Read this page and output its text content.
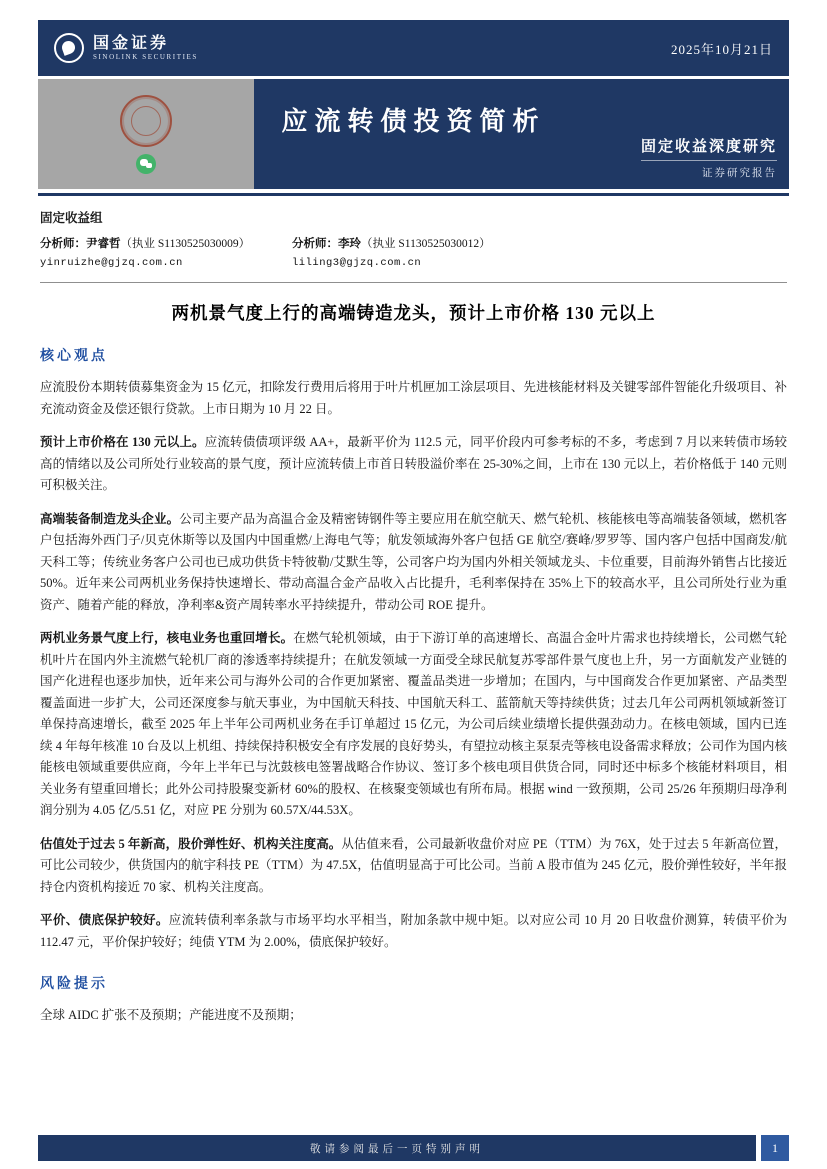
国金证券
SINOLINK SECURITIES
2025年10月21日
应流转债投资简析
固定收益深度研究
证券研究报告
固定收益组
分析师：尹睿哲（执业 S1130525030009）
yinruizhe@gjzq.com.cn
分析师：李玲（执业 S1130525030012）
liling3@gjzq.com.cn
两机景气度上行的高端铸造龙头，预计上市价格 130 元以上
核心观点

应流股份本期转债募集资金为 15 亿元，扣除发行费用后将用于叶片机匣加工涂层项目、先进核能材料及关键零部件智能化升级项目、补充流动资金及偿还银行贷款。上市日期为 10 月 22 日。

预计上市价格在 130 元以上。应流转债债项评级 AA+，最新平价为 112.5 元，同平价段内可参考标的不多，考虑到 7 月以来转债市场较高的情绪以及公司所处行业较高的景气度，预计应流转债上市首日转股溢价率在 25-30%之间，上市在 130 元以上，若价格低于 140 元则可积极关注。

高端装备制造龙头企业。公司主要产品为高温合金及精密铸钢件等主要应用在航空航天、燃气轮机、核能核电等高端装备领域，燃机客户包括海外西门子/贝克休斯等以及国内中国重燃/上海电气等；航发领域海外客户包括 GE 航空/赛峰/罗罗等、国内客户包括中国商发/航天科工等；传统业务客户公司也已成功供货卡特彼勒/艾默生等，公司客户均为国内外相关领域龙头、卡位重要，目前海外销售占比接近 50%。近年来公司两机业务保持快速增长、带动高温合金产品收入占比提升，毛利率保持在 35%上下的较高水平，且公司所处行业为重资产、随着产能的释放，净利率&资产周转率水平持续提升，带动公司 ROE 提升。

两机业务景气度上行，核电业务也重回增长。在燃气轮机领域，由于下游订单的高速增长、高温合金叶片需求也持续增长，公司燃气轮机叶片在国内外主流燃气轮机厂商的渗透率持续提升；在航发领域一方面受全球民航复苏零部件景气度也上升，另一方面航发产业链的国产化进程也逐步加快，近年来公司与海外公司的合作更加紧密、覆盖品类进一步增加；在国内，与中国商发合作更加紧密、产品类型覆盖面进一步扩大，公司还深度参与航天事业，为中国航天科技、中国航天科工、蓝箭航天等持续供货；过去几年公司两机领域新签订单保持高速增长，截至 2025 年上半年公司两机业务在手订单超过 15 亿元，为公司后续业绩增长提供强劲动力。在核电领域，国内已连续 4 年每年核准 10 台及以上机组、持续保持积极安全有序发展的良好势头，有望拉动核主泵泵壳等核电设备需求释放；公司作为国内核能核电领域重要供应商，今年上半年已与沈鼓核电签署战略合作协议、签订多个核电项目供货合同，同时还中标多个核能材料项目，相关业务有望重回增长；此外公司持股聚变新材 60%的股权、在核聚变领域也有所布局。根据 wind 一致预期，公司 25/26 年预期归母净利润分别为 4.05 亿/5.51 亿，对应 PE 分别为 60.57X/44.53X。

估值处于过去 5 年新高，股价弹性好、机构关注度高。从估值来看，公司最新收盘价对应 PE（TTM）为 76X，处于过去 5 年新高位置，可比公司较少，供货国内的航宇科技 PE（TTM）为 47.5X，估值明显高于可比公司。当前 A 股市值为 245 亿元，股价弹性较好，半年报持仓内资机构接近 70 家、机构关注度高。

平价、债底保护较好。应流转债利率条款与市场平均水平相当，附加条款中规中矩。以对应公司 10 月 20 日收盘价测算，转债平价为 112.47 元，平价保护较好；纯债 YTM 为 2.00%，债底保护较好。

风险提示

全球 AIDC 扩张不及预期；产能进度不及预期；

敬请参阅最后一页特别声明	1
